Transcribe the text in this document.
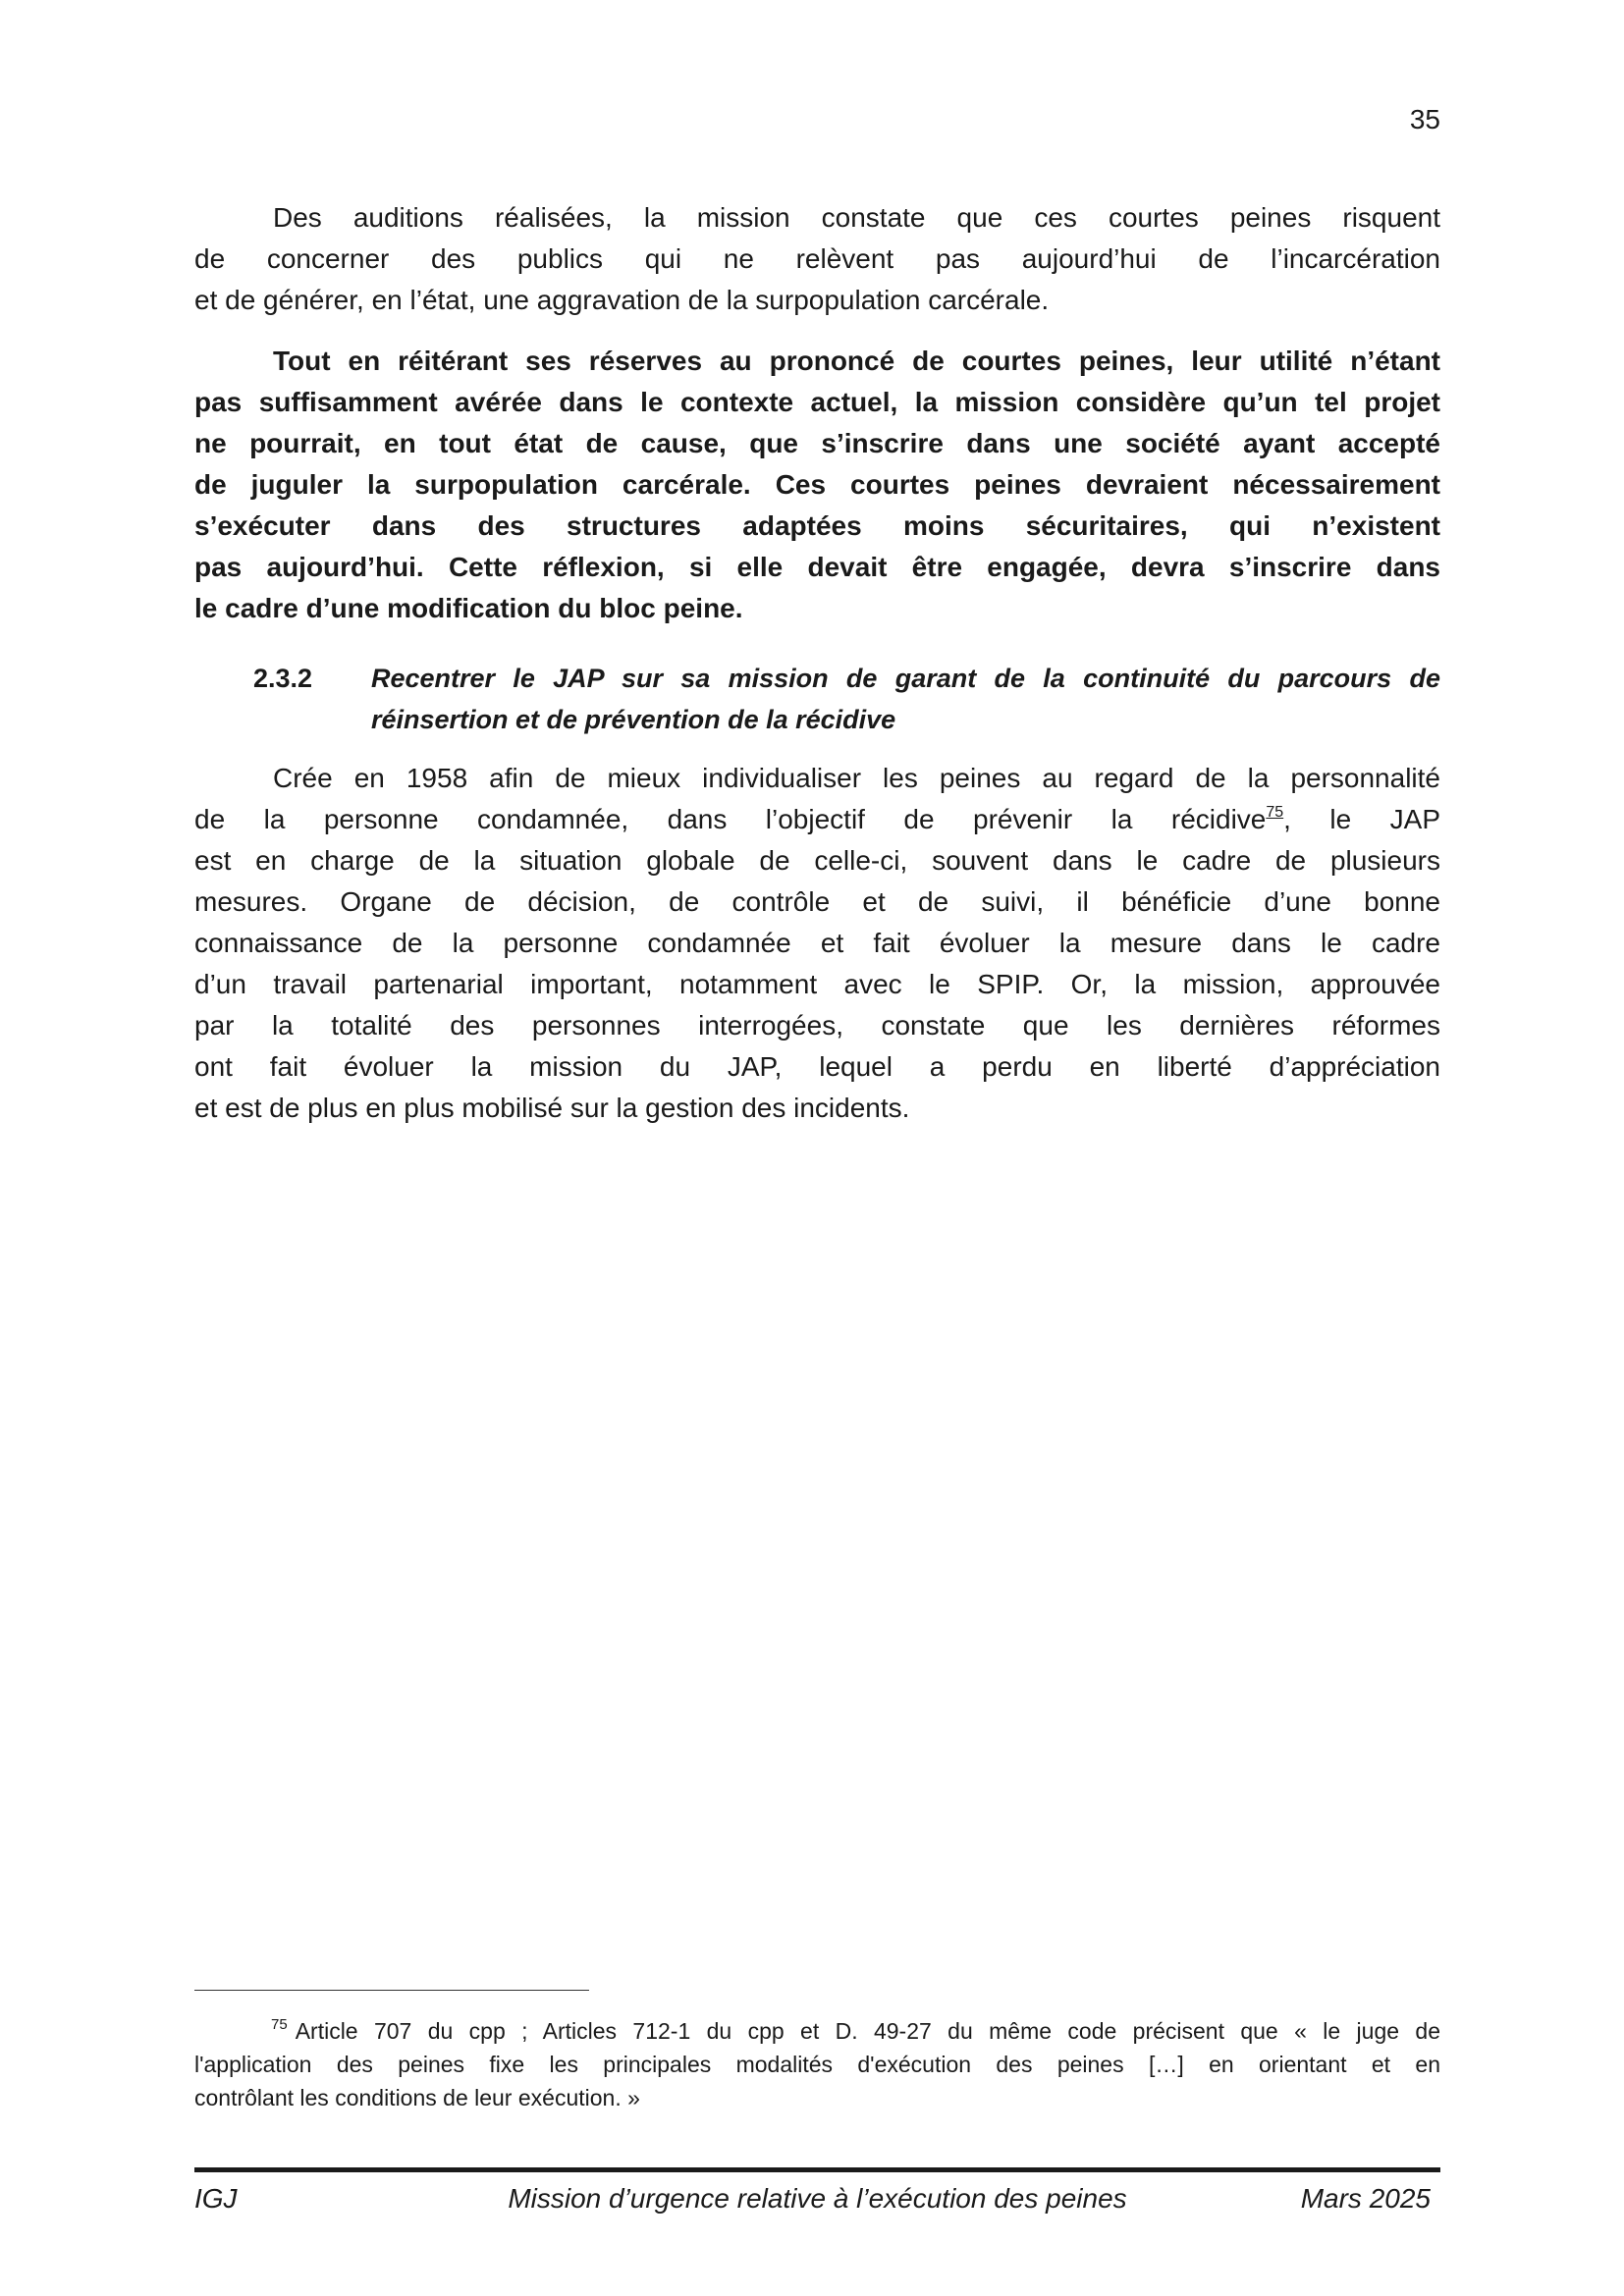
35
Des auditions réalisées, la mission constate que ces courtes peines risquent
de concerner des publics qui ne relèvent pas aujourd’hui de l’incarcération
et de générer, en l’état, une aggravation de la surpopulation carcérale.
Tout en réitérant ses réserves au prononcé de courtes peines, leur utilité n’étant
pas suffisamment avérée dans le contexte actuel, la mission considère qu’un tel projet
ne pourrait, en tout état de cause, que s’inscrire dans une société ayant accepté
de juguler la surpopulation carcérale. Ces courtes peines devraient nécessairement
s’exécuter dans des structures adaptées moins sécuritaires, qui n’existent
pas aujourd’hui. Cette réflexion, si elle devait être engagée, devra s’inscrire dans
le cadre d’une modification du bloc peine.
2.3.2 Recentrer le JAP sur sa mission de garant de la continuité du parcours de
réinsertion et de prévention de la récidive
Crée en 1958 afin de mieux individualiser les peines au regard de la personnalité
de la personne condamnée, dans l’objectif de prévenir la récidive$^{75}$, le JAP
est en charge de la situation globale de celle-ci, souvent dans le cadre de plusieurs
mesures. Organe de décision, de contrôle et de suivi, il bénéficie d’une bonne
connaissance de la personne condamnée et fait évoluer la mesure dans le cadre
d’un travail partenarial important, notamment avec le SPIP. Or, la mission, approuvée
par la totalité des personnes interrogées, constate que les dernières réformes
ont fait évoluer la mission du JAP, lequel a perdu en liberté d’appréciation
et est de plus en plus mobilisé sur la gestion des incidents.
$^{75}$ Article 707 du cpp ; Articles 712-1 du cpp et D. 49-27 du même code précisent que « le juge de
l'application des peines fixe les principales modalités d'exécution des peines […] en orientant et en
contrôlant les conditions de leur exécution. »
IGJ	Mission d’urgence relative à l’exécution des peines	Mars 2025
